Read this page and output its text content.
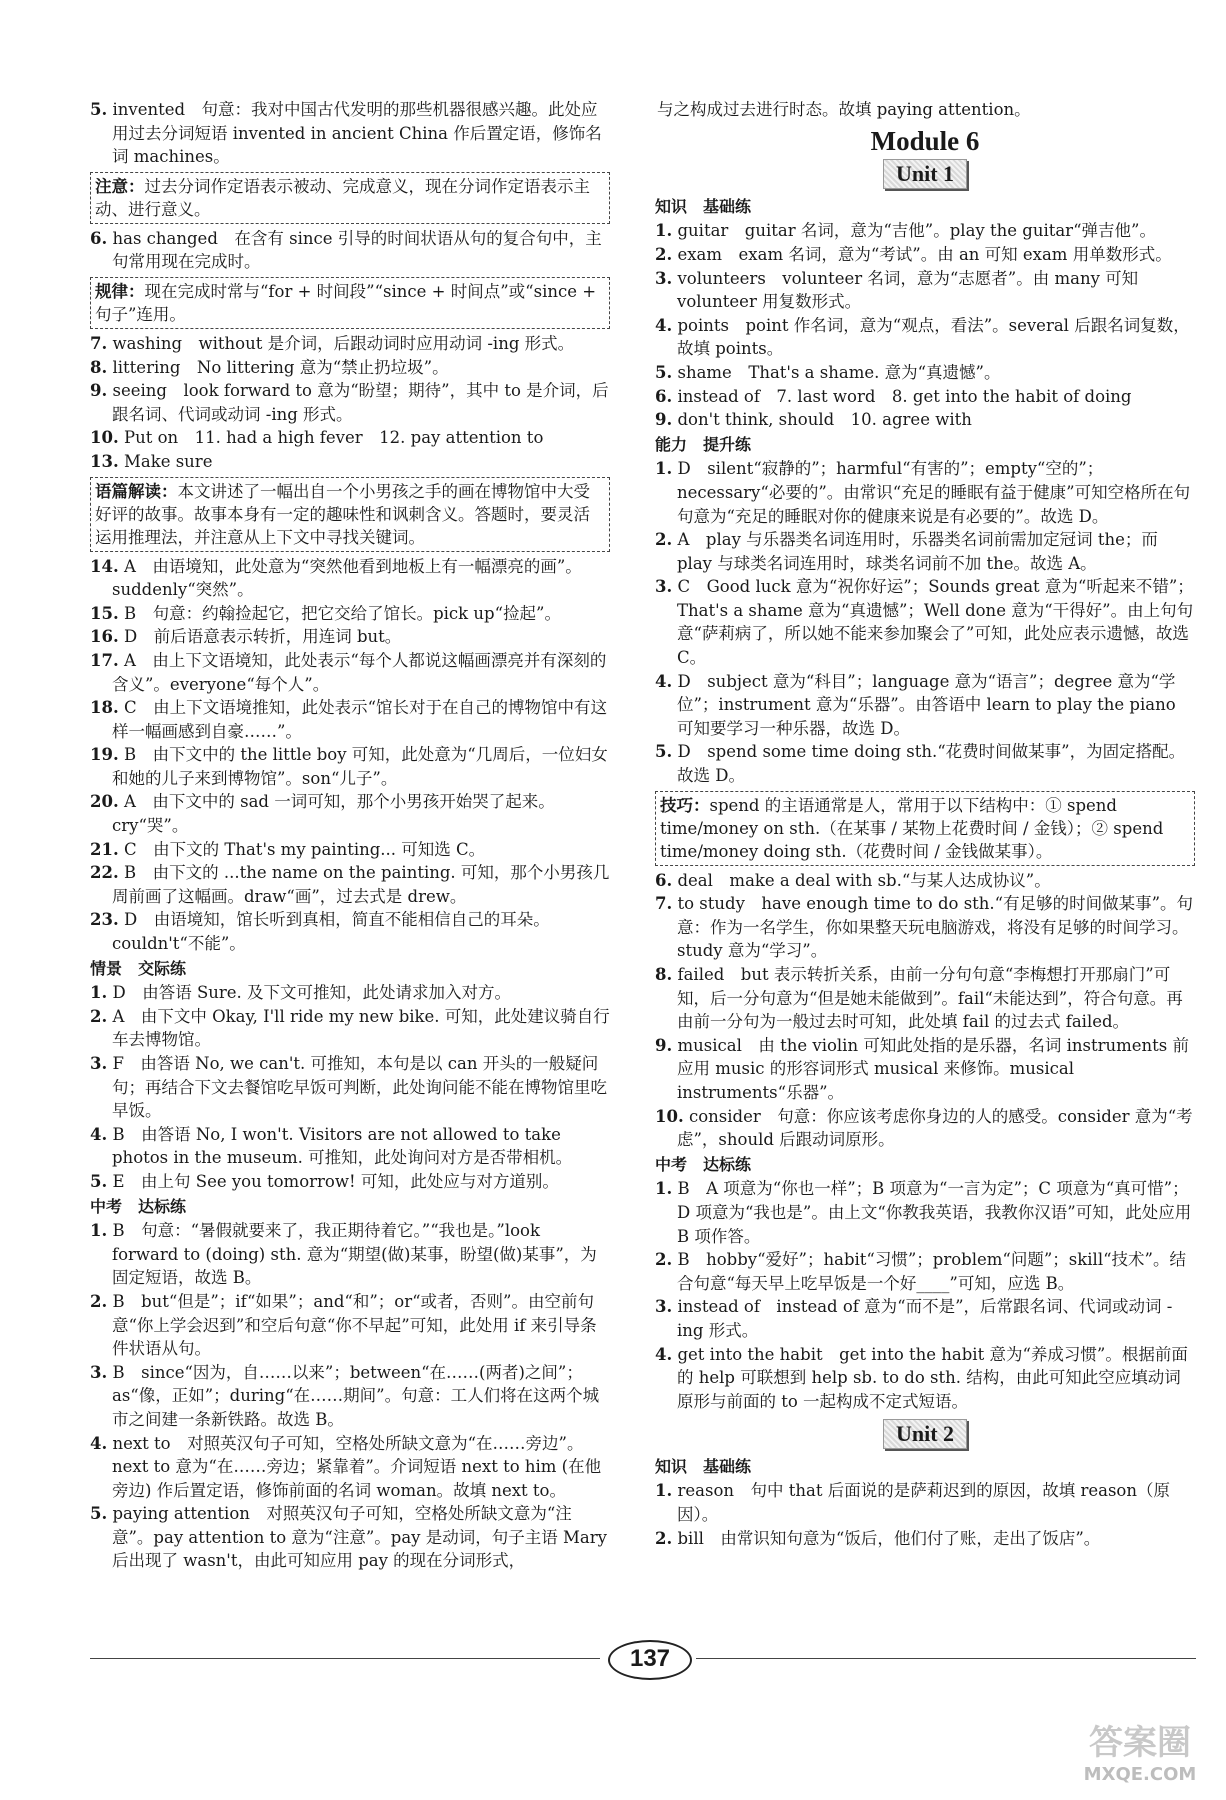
5. invented　句意：我对中国古代发明的那些机器很感兴趣。此处应用过去分词短语 invented in ancient China 作后置定语，修饰名词 machines。
注意：过去分词作定语表示被动、完成意义，现在分词作定语表示主动、进行意义。
6. has changed　在含有 since 引导的时间状语从句的复合句中，主句常用现在完成时。
规律：现在完成时常与“for + 时间段”“since + 时间点”或“since + 句子”连用。
7. washing　without 是介词，后跟动词时应用动词 -ing 形式。
8. littering　No littering 意为“禁止扔垃圾”。
9. seeing　look forward to 意为“盼望；期待”，其中 to 是介词，后跟名词、代词或动词 -ing 形式。
10. Put on　11. had a high fever　12. pay attention to
13. Make sure
语篇解读：本文讲述了一幅出自一个小男孩之手的画在博物馆中大受好评的故事。故事本身有一定的趣味性和讽刺含义。答题时，要灵活运用推理法，并注意从上下文中寻找关键词。
14. A　由语境知，此处意为“突然他看到地板上有一幅漂亮的画”。suddenly“突然”。
15. B　句意：约翰捡起它，把它交给了馆长。pick up“捡起”。
16. D　前后语意表示转折，用连词 but。
17. A　由上下文语境知，此处表示“每个人都说这幅画漂亮并有深刻的含义”。everyone“每个人”。
18. C　由上下文语境推知，此处表示“馆长对于在自己的博物馆中有这样一幅画感到自豪……”。
19. B　由下文中的 the little boy 可知，此处意为“几周后，一位妇女和她的儿子来到博物馆”。son“儿子”。
20. A　由下文中的 sad 一词可知，那个小男孩开始哭了起来。cry“哭”。
21. C　由下文的 That's my painting... 可知选 C。
22. B　由下文的 ...the name on the painting. 可知，那个小男孩几周前画了这幅画。draw“画”，过去式是 drew。
23. D　由语境知，馆长听到真相，简直不能相信自己的耳朵。couldn't“不能”。
情景　交际练
1. D　由答语 Sure. 及下文可推知，此处请求加入对方。
2. A　由下文中 Okay, I'll ride my new bike. 可知，此处建议骑自行车去博物馆。
3. F　由答语 No, we can't. 可推知，本句是以 can 开头的一般疑问句；再结合下文去餐馆吃早饭可判断，此处询问能不能在博物馆里吃早饭。
4. B　由答语 No, I won't. Visitors are not allowed to take photos in the museum. 可推知，此处询问对方是否带相机。
5. E　由上句 See you tomorrow! 可知，此处应与对方道别。
中考　达标练
1. B　句意：“暑假就要来了，我正期待着它。”“我也是。”look forward to (doing) sth. 意为“期望(做)某事，盼望(做)某事”，为固定短语，故选 B。
2. B　but“但是”；if“如果”；and“和”；or“或者，否则”。由空前句意“你上学会迟到”和空后句意“你不早起”可知，此处用 if 来引导条件状语从句。
3. B　since“因为，自……以来”；between“在……(两者)之间”；as“像，正如”；during“在……期间”。句意：工人们将在这两个城市之间建一条新铁路。故选 B。
4. next to　对照英汉句子可知，空格处所缺文意为“在……旁边”。next to 意为“在……旁边；紧靠着”。介词短语 next to him (在他旁边) 作后置定语，修饰前面的名词 woman。故填 next to。
5. paying attention　对照英汉句子可知，空格处所缺文意为“注意”。pay attention to 意为“注意”。pay 是动词，句子主语 Mary 后出现了 wasn't，由此可知应用 pay 的现在分词形式，
与之构成过去进行时态。故填 paying attention。
Module 6
Unit 1
知识　基础练
1. guitar　guitar 名词，意为“吉他”。play the guitar“弹吉他”。
2. exam　exam 名词，意为“考试”。由 an 可知 exam 用单数形式。
3. volunteers　volunteer 名词，意为“志愿者”。由 many 可知 volunteer 用复数形式。
4. points　point 作名词，意为“观点，看法”。several 后跟名词复数，故填 points。
5. shame　That's a shame. 意为“真遗憾”。
6. instead of　7. last word　8. get into the habit of doing
9. don't think, should　10. agree with
能力　提升练
1. D　silent“寂静的”；harmful“有害的”；empty“空的”；necessary“必要的”。由常识“充足的睡眠有益于健康”可知空格所在句句意为“充足的睡眠对你的健康来说是有必要的”。故选 D。
2. A　play 与乐器类名词连用时，乐器类名词前需加定冠词 the；而 play 与球类名词连用时，球类名词前不加 the。故选 A。
3. C　Good luck 意为“祝你好运”；Sounds great 意为“听起来不错”；That's a shame 意为“真遗憾”；Well done 意为“干得好”。由上句句意“萨莉病了，所以她不能来参加聚会了”可知，此处应表示遗憾，故选 C。
4. D　subject 意为“科目”；language 意为“语言”；degree 意为“学位”；instrument 意为“乐器”。由答语中 learn to play the piano 可知要学习一种乐器，故选 D。
5. D　spend some time doing sth.“花费时间做某事”，为固定搭配。故选 D。
技巧：spend 的主语通常是人，常用于以下结构中：① spend time/money on sth.（在某事 / 某物上花费时间 / 金钱）；② spend time/money doing sth.（花费时间 / 金钱做某事）。
6. deal　make a deal with sb.“与某人达成协议”。
7. to study　have enough time to do sth.“有足够的时间做某事”。句意：作为一名学生，你如果整天玩电脑游戏，将没有足够的时间学习。study 意为“学习”。
8. failed　but 表示转折关系，由前一分句句意“李梅想打开那扇门”可知，后一分句意为“但是她未能做到”。fail“未能达到”，符合句意。再由前一分句为一般过去时可知，此处填 fail 的过去式 failed。
9. musical　由 the violin 可知此处指的是乐器，名词 instruments 前应用 music 的形容词形式 musical 来修饰。musical instruments“乐器”。
10. consider　句意：你应该考虑你身边的人的感受。consider 意为“考虑”，should 后跟动词原形。
中考　达标练
1. B　A 项意为“你也一样”；B 项意为“一言为定”；C 项意为“真可惜”；D 项意为“我也是”。由上文“你教我英语，我教你汉语”可知，此处应用 B 项作答。
2. B　hobby“爱好”；habit“习惯”；problem“问题”；skill“技术”。结合句意“每天早上吃早饭是一个好____”可知，应选 B。
3. instead of　instead of 意为“而不是”，后常跟名词、代词或动词 -ing 形式。
4. get into the habit　get into the habit 意为“养成习惯”。根据前面的 help 可联想到 help sb. to do sth. 结构，由此可知此空应填动词原形与前面的 to 一起构成不定式短语。
Unit 2
知识　基础练
1. reason　句中 that 后面说的是萨莉迟到的原因，故填 reason（原因）。
2. bill　由常识知句意为“饭后，他们付了账，走出了饭店”。
137
答案圈
MXQE.COM
